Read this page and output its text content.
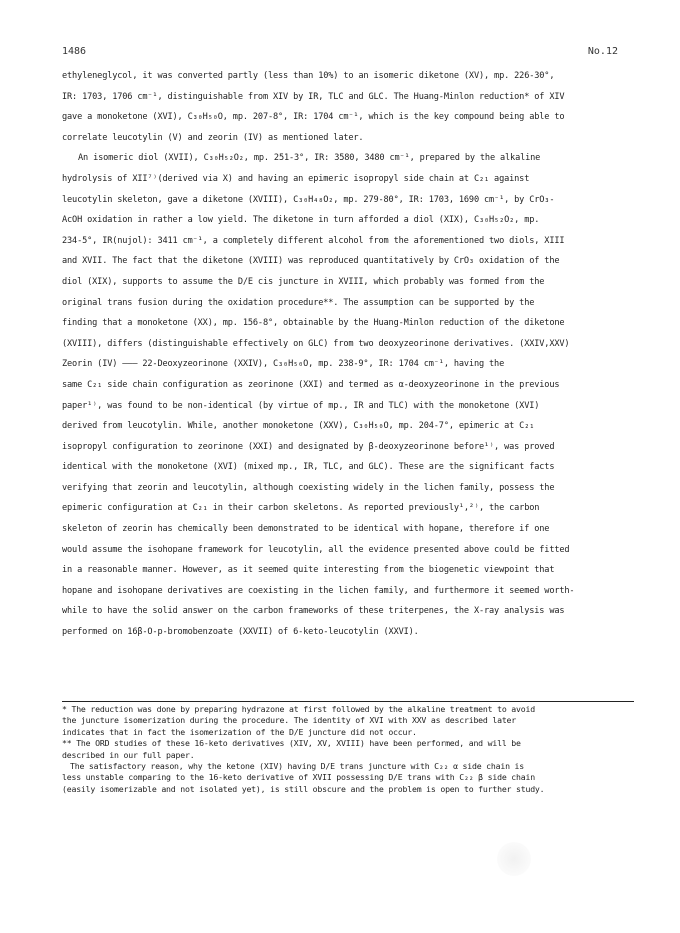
1486	No.12
ethyleneglycol, it was converted partly (less than 10%) to an isomeric diketone (XV), mp. 226-30°,
IR: 1703, 1706 cm⁻¹, distinguishable from XIV by IR, TLC and GLC. The Huang-Minlon reduction* of XIV
gave a monoketone (XVI), C₃₀H₅₀O, mp. 207-8°, IR: 1704 cm⁻¹, which is the key compound being able to
correlate leucotylin (V) and zeorin (IV) as mentioned later.
An isomeric diol (XVII), C₃₀H₅₂O₂, mp. 251-3°, IR: 3580, 3480 cm⁻¹, prepared by the alkaline
hydrolysis of XII⁷⁾(derived via X) and having an epimeric isopropyl side chain at C₂₁ against
leucotylin skeleton, gave a diketone (XVIII), C₃₀H₄₈O₂, mp. 279-80°, IR: 1703, 1690 cm⁻¹, by CrO₃-
AcOH oxidation in rather a low yield. The diketone in turn afforded a diol (XIX), C₃₀H₅₂O₂, mp.
234-5°, IR(nujol): 3411 cm⁻¹, a completely different alcohol from the aforementioned two diols, XIII
and XVII. The fact that the diketone (XVIII) was reproduced quantitatively by CrO₃ oxidation of the
diol (XIX), supports to assume the D/E cis juncture in XVIII, which probably was formed from the
original trans fusion during the oxidation procedure**. The assumption can be supported by the
finding that a monoketone (XX), mp. 156-8°, obtainable by the Huang-Minlon reduction of the diketone
(XVIII), differs (distinguishable effectively on GLC) from two deoxyzeorinone derivatives. (XXIV,XXV)
Zeorin (IV) ——— 22-Deoxyzeorinone (XXIV), C₃₀H₅₀O, mp. 238-9°, IR: 1704 cm⁻¹, having the
same C₂₁ side chain configuration as zeorinone (XXI) and termed as α-deoxyzeorinone in the previous
paper¹⁾, was found to be non-identical (by virtue of mp., IR and TLC) with the monoketone (XVI)
derived from leucotylin. While, another monoketone (XXV), C₃₀H₅₀O, mp. 204-7°, epimeric at C₂₁
isopropyl configuration to zeorinone (XXI) and designated by β-deoxyzeorinone before¹⁾, was proved
identical with the monoketone (XVI) (mixed mp., IR, TLC, and GLC). These are the significant facts
verifying that zeorin and leucotylin, although coexisting widely in the lichen family, possess the
epimeric configuration at C₂₁ in their carbon skeletons. As reported previously¹,²⁾, the carbon
skeleton of zeorin has chemically been demonstrated to be identical with hopane, therefore if one
would assume the isohopane framework for leucotylin, all the evidence presented above could be fitted
in a reasonable manner. However, as it seemed quite interesting from the biogenetic viewpoint that
hopane and isohopane derivatives are coexisting in the lichen family, and furthermore it seemed worth-
while to have the solid answer on the carbon frameworks of these triterpenes, the X-ray analysis was
performed on 16β-O-p-bromobenzoate (XXVII) of 6-keto-leucotylin (XXVI).
* The reduction was done by preparing hydrazone at first followed by the alkaline treatment to avoid
the juncture isomerization during the procedure. The identity of XVI with XXV as described later
indicates that in fact the isomerization of the D/E juncture did not occur.
** The ORD studies of these 16-keto derivatives (XIV, XV, XVIII) have been performed, and will be
described in our full paper.
The satisfactory reason, why the ketone (XIV) having D/E trans juncture with C₂₂ α side chain is
less unstable comparing to the 16-keto derivative of XVII possessing D/E trans with C₂₂ β side chain
(easily isomerizable and not isolated yet), is still obscure and the problem is open to further study.
